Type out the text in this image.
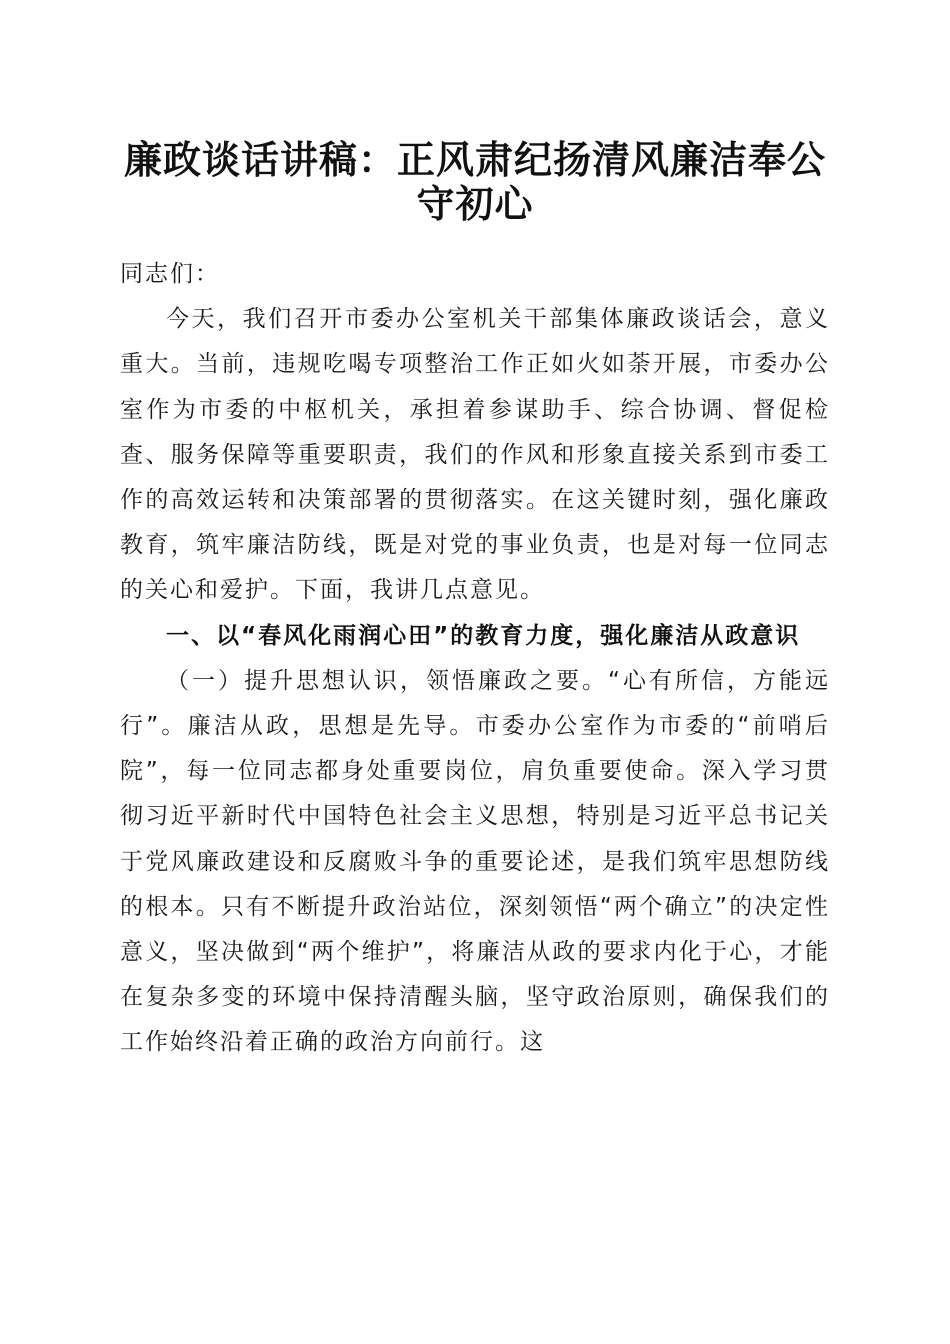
廉政谈话讲稿：正风肃纪扬清风廉洁奉公守初心

同志们：

今天，我们召开市委办公室机关干部集体廉政谈话会，意义重大。当前，违规吃喝专项整治工作正如火如荼开展，市委办公室作为市委的中枢机关，承担着参谋助手、综合协调、督促检查、服务保障等重要职责，我们的作风和形象直接关系到市委工作的高效运转和决策部署的贯彻落实。在这关键时刻，强化廉政教育，筑牢廉洁防线，既是对党的事业负责，也是对每一位同志的关心和爱护。下面，我讲几点意见。

一、以“春风化雨润心田”的教育力度，强化廉洁从政意识

（一）提升思想认识，领悟廉政之要。“心有所信，方能远行”。廉洁从政，思想是先导。市委办公室作为市委的“前哨后院”，每一位同志都身处重要岗位，肩负重要使命。深入学习贯彻习近平新时代中国特色社会主义思想，特别是习近平总书记关于党风廉政建设和反腐败斗争的重要论述，是我们筑牢思想防线的根本。只有不断提升政治站位，深刻领悟“两个确立”的决定性意义，坚决做到“两个维护”，将廉洁从政的要求内化于心，才能在复杂多变的环境中保持清醒头脑，坚守政治原则，确保我们的工作始终沿着正确的政治方向前行。这
